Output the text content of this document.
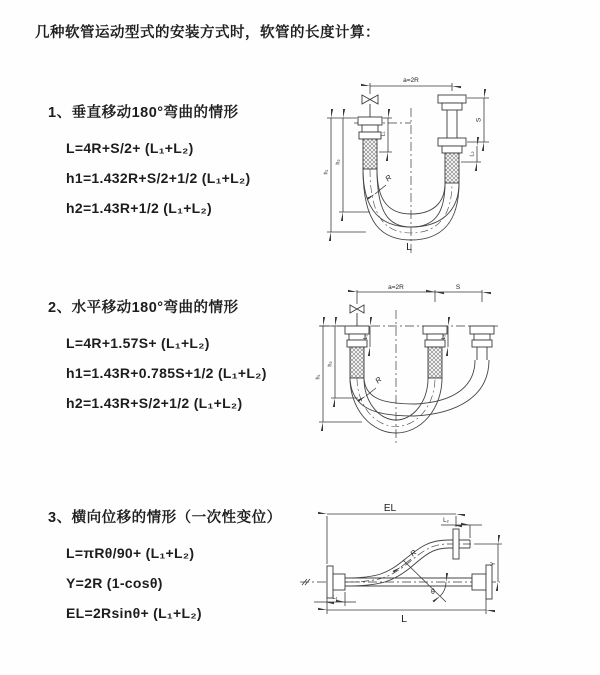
几种软管运动型式的安装方式时，软管的长度计算：
1、垂直移动180°弯曲的情形
L=4R+S/2+ (L₁+L₂)
h1=1.432R+S/2+1/2 (L₁+L₂)
h2=1.43R+1/2 (L₁+L₂)
2、水平移动180°弯曲的情形
L=4R+1.57S+ (L₁+L₂)
h1=1.43R+0.785S+1/2 (L₁+L₂)
h2=1.43R+S/2+1/2 (L₁+L₂)
3、横向位移的情形（一次性变位）
L=πRθ/90+ (L₁+L₂)
Y=2R (1-cosθ)
EL=2Rsinθ+ (L₁+L₂)
a=2R
S
L₂
L₁
h₁
h₂
R
L
a=2R	S
L₁	L₂
h₁
h₂
R
EL
L₂
Y
θ
R
L₁
L
